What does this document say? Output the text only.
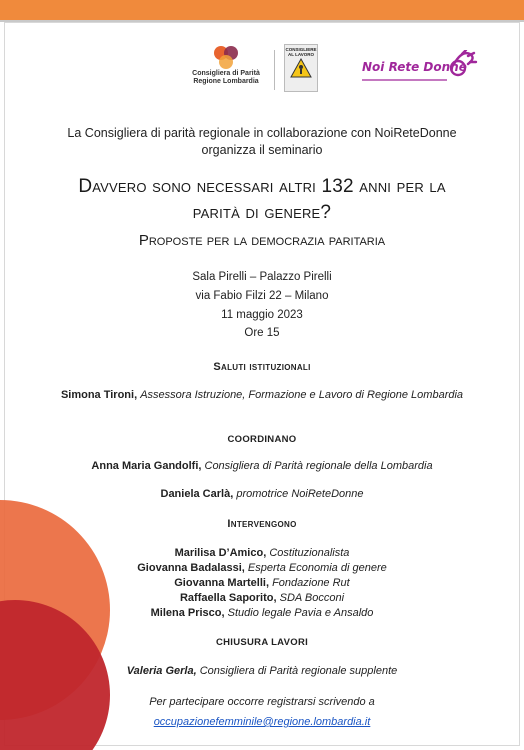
Consigliera di Parità
Regione Lombardia
CONSIGLIERE AL LAVORO
Noi Rete Donne
La Consigliera di parità regionale in collaborazione con NoiReteDonne
organizza il seminario
Davvero sono necessari altri 132 anni per la
parità di genere?
Proposte per la democrazia paritaria
Sala Pirelli – Palazzo Pirelli
via Fabio Filzi 22 – Milano
11 maggio 2023
Ore 15
Saluti istituzionali
Simona Tironi, Assessora Istruzione, Formazione e Lavoro di Regione Lombardia
COORDINANO
Anna Maria Gandolfi, Consigliera di Parità regionale della Lombardia
Daniela Carlà, promotrice NoiReteDonne
Intervengono
Marilisa D’Amico, Costituzionalista
Giovanna Badalassi, Esperta Economia di genere
Giovanna Martelli, Fondazione Rut
Raffaella Saporito, SDA Bocconi
Milena Prisco, Studio legale Pavia e Ansaldo
CHIUSURA LAVORI
Valeria Gerla, Consigliera di Parità regionale supplente
Per partecipare occorre registrarsi scrivendo a
occupazionefemminile@regione.lombardia.it
